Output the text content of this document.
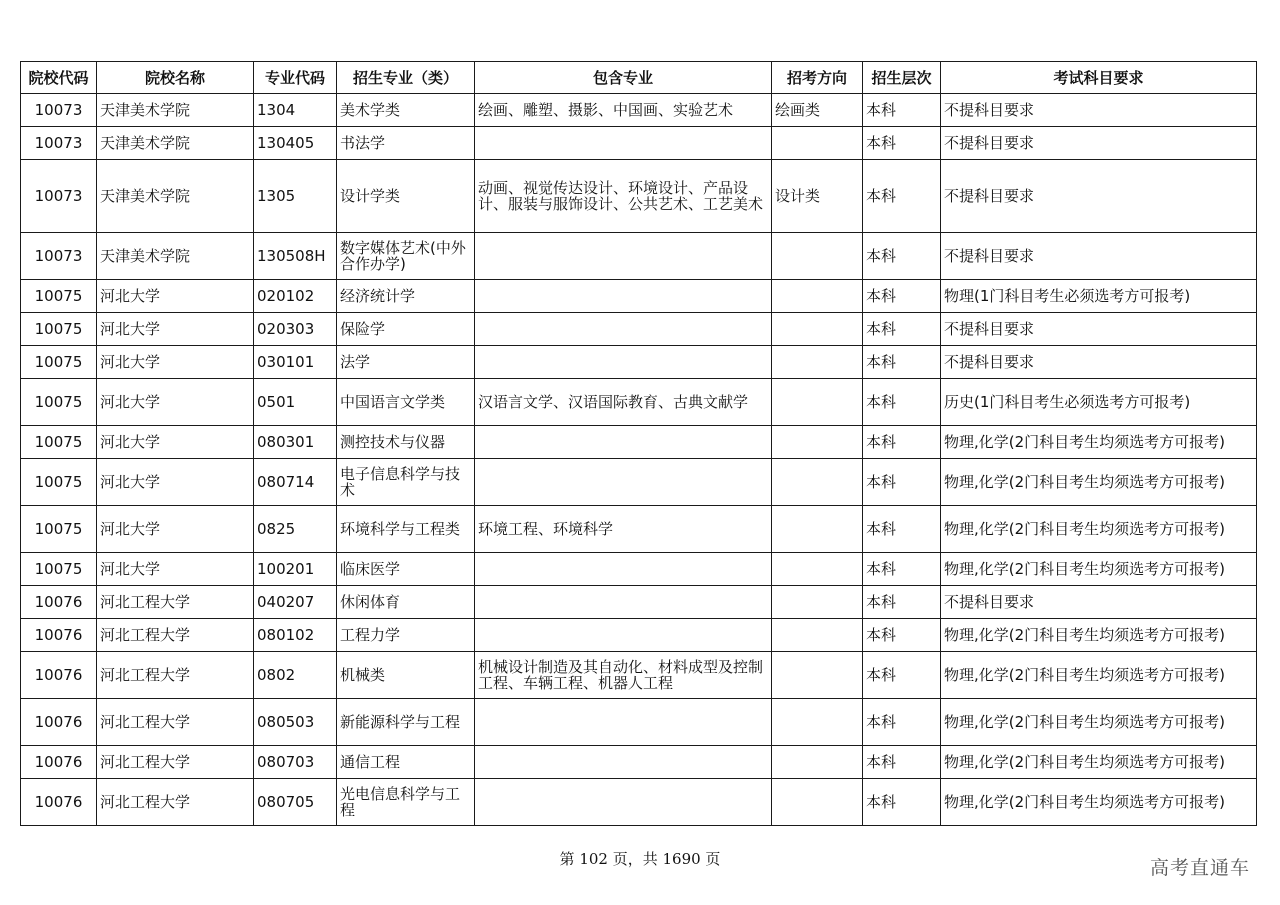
院校代码	院校名称	专业代码	招生专业（类）	包含专业	招考方向	招生层次	考试科目要求
10073	天津美术学院	1304	美术学类	绘画、雕塑、摄影、中国画、实验艺术	绘画类	本科	不提科目要求
10073	天津美术学院	130405	书法学			本科	不提科目要求
10073	天津美术学院	1305	设计学类	动画、视觉传达设计、环境设计、产品设计、服装与服饰设计、公共艺术、工艺美术	设计类	本科	不提科目要求
10073	天津美术学院	130508H	数字媒体艺术(中外合作办学)			本科	不提科目要求
10075	河北大学	020102	经济统计学			本科	物理(1门科目考生必须选考方可报考)
10075	河北大学	020303	保险学			本科	不提科目要求
10075	河北大学	030101	法学			本科	不提科目要求
10075	河北大学	0501	中国语言文学类	汉语言文学、汉语国际教育、古典文献学		本科	历史(1门科目考生必须选考方可报考)
10075	河北大学	080301	测控技术与仪器			本科	物理,化学(2门科目考生均须选考方可报考)
10075	河北大学	080714	电子信息科学与技术			本科	物理,化学(2门科目考生均须选考方可报考)
10075	河北大学	0825	环境科学与工程类	环境工程、环境科学		本科	物理,化学(2门科目考生均须选考方可报考)
10075	河北大学	100201	临床医学			本科	物理,化学(2门科目考生均须选考方可报考)
10076	河北工程大学	040207	休闲体育			本科	不提科目要求
10076	河北工程大学	080102	工程力学			本科	物理,化学(2门科目考生均须选考方可报考)
10076	河北工程大学	0802	机械类	机械设计制造及其自动化、材料成型及控制工程、车辆工程、机器人工程		本科	物理,化学(2门科目考生均须选考方可报考)
10076	河北工程大学	080503	新能源科学与工程			本科	物理,化学(2门科目考生均须选考方可报考)
10076	河北工程大学	080703	通信工程			本科	物理,化学(2门科目考生均须选考方可报考)
10076	河北工程大学	080705	光电信息科学与工程			本科	物理,化学(2门科目考生均须选考方可报考)
第 102 页，共 1690 页	高考直通车
